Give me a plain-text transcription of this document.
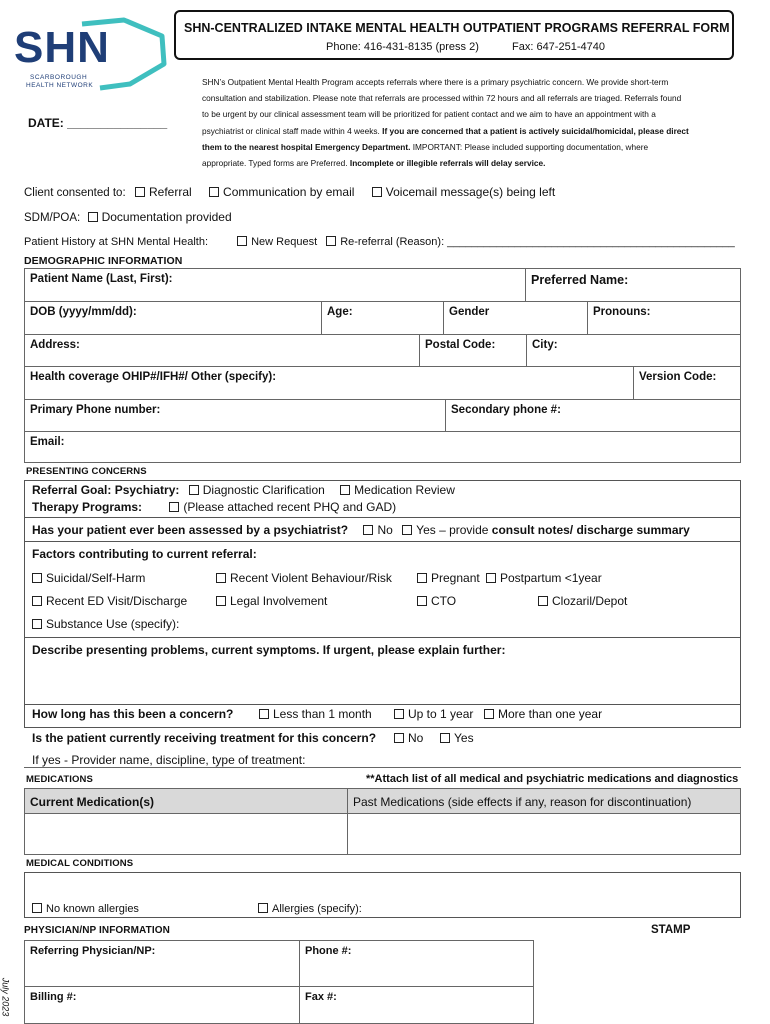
SHN
SCARBOROUGH
HEALTH NETWORK
SHN-CENTRALIZED INTAKE MENTAL HEALTH OUTPATIENT PROGRAMS REFERRAL FORM
Phone: 416-431-8135 (press 2)	Fax: 647-251-4740
DATE: _______________
SHN’s Outpatient Mental Health Program accepts referrals where there is a primary psychiatric concern. We provide short-term
consultation and stabilization. Please note that referrals are processed within 72 hours and all referrals are triaged. Referrals found
to be urgent by our clinical assessment team will be prioritized for patient contact and we aim to have an appointment with a
psychiatrist or clinical staff made within 4 weeks. If you are concerned that a patient is actively suicidal/homicidal, please direct
them to the nearest hospital Emergency Department. IMPORTANT: Please included supporting documentation, where
appropriate. Typed forms are Preferred. Incomplete or illegible referrals will delay service.
Client consented to: Referral	Communication by email	Voicemail message(s) being left
SDM/POA: Documentation provided
Patient History at SHN Mental Health:	New Request Re-referral (Reason): _______________________________________________
DEMOGRAPHIC INFORMATION
Patient Name (Last, First):	Preferred Name:
DOB (yyyy/mm/dd):	Age:	Gender	Pronouns:
Address:	Postal Code:	City:
Health coverage OHIP#/IFH#/ Other (specify):	Version Code:
Primary Phone number:	Secondary phone #:
Email:
PRESENTING CONCERNS
Referral Goal: Psychiatry: Diagnostic Clarification Medication Review
Therapy Programs:	(Please attached recent PHQ and GAD)
Has your patient ever been assessed by a psychiatrist? No Yes – provide consult notes/ discharge summary
Factors contributing to current referral:
Suicidal/Self-Harm	Recent Violent Behaviour/Risk	Pregnant	Postpartum <1year
Recent ED Visit/Discharge	Legal Involvement	CTO	Clozaril/Depot
Substance Use (specify):
Describe presenting problems, current symptoms. If urgent, please explain further:
How long has this been a concern?	Less than 1 month	Up to 1 year	More than one year
Is the patient currently receiving treatment for this concern?	No	Yes
If yes - Provider name, discipline, type of treatment:
MEDICATIONS	**Attach list of all medical and psychiatric medications and diagnostics
Current Medication(s)	Past Medications (side effects if any, reason for discontinuation)
MEDICAL CONDITIONS
No known allergies	Allergies (specify):
PHYSICIAN/NP INFORMATION	STAMP
Referring Physician/NP:	Phone #:
Billing #:	Fax #:
July 2023
